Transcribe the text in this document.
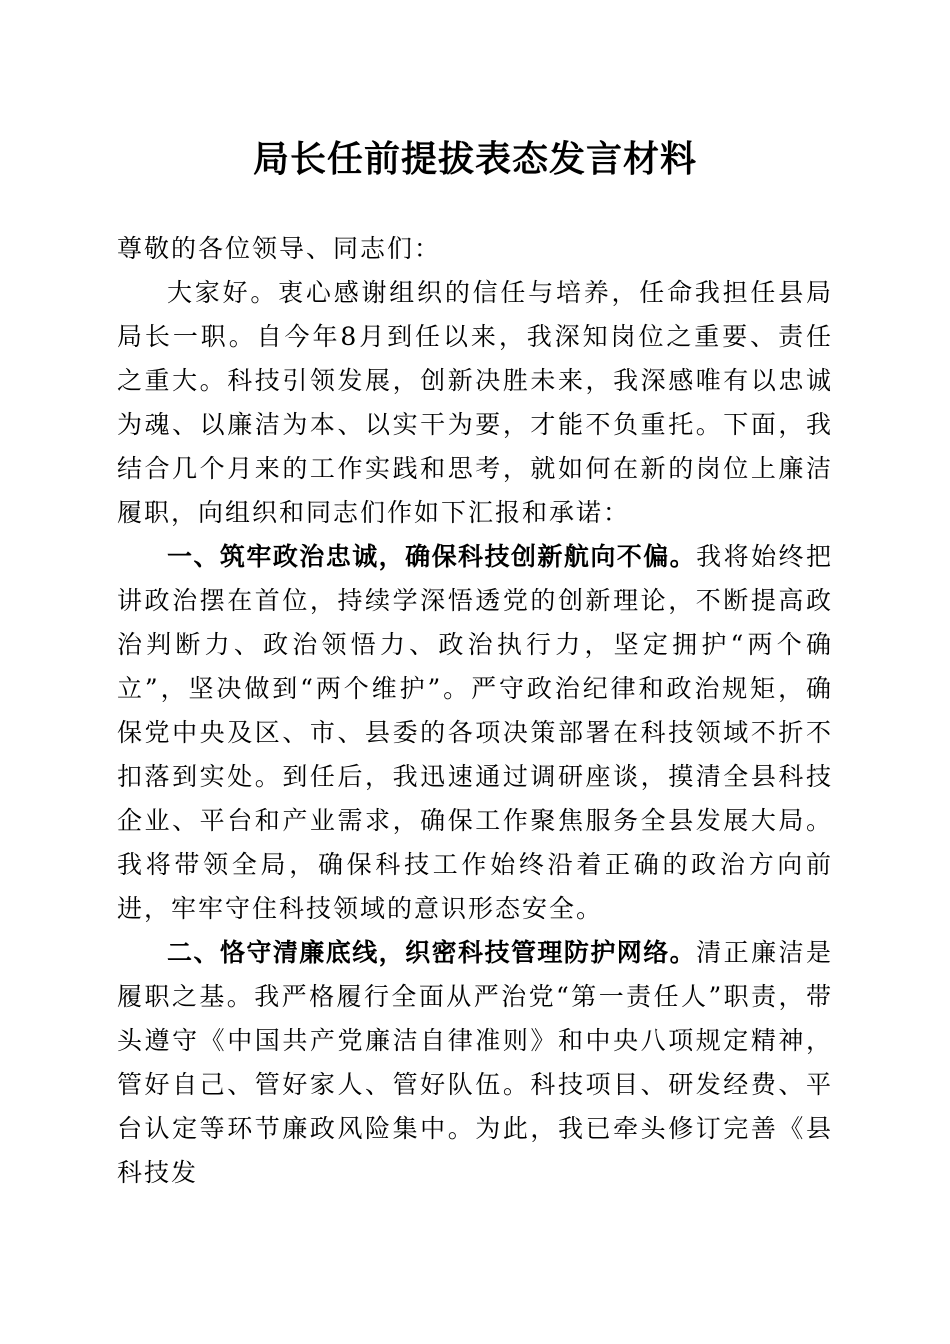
局长任前提拔表态发言材料

尊敬的各位领导、同志们：

大家好。衷心感谢组织的信任与培养，任命我担任县局局长一职。自今年8月到任以来，我深知岗位之重要、责任之重大。科技引领发展，创新决胜未来，我深感唯有以忠诚为魂、以廉洁为本、以实干为要，才能不负重托。下面，我结合几个月来的工作实践和思考，就如何在新的岗位上廉洁履职，向组织和同志们作如下汇报和承诺：

一、筑牢政治忠诚，确保科技创新航向不偏。我将始终把讲政治摆在首位，持续学深悟透党的创新理论，不断提高政治判断力、政治领悟力、政治执行力，坚定拥护“两个确立”，坚决做到“两个维护”。严守政治纪律和政治规矩，确保党中央及区、市、县委的各项决策部署在科技领域不折不扣落到实处。到任后，我迅速通过调研座谈，摸清全县科技企业、平台和产业需求，确保工作聚焦服务全县发展大局。我将带领全局，确保科技工作始终沿着正确的政治方向前进，牢牢守住科技领域的意识形态安全。

二、恪守清廉底线，织密科技管理防护网络。清正廉洁是履职之基。我严格履行全面从严治党“第一责任人”职责，带头遵守《中国共产党廉洁自律准则》和中央八项规定精神，管好自己、管好家人、管好队伍。科技项目、研发经费、平台认定等环节廉政风险集中。为此，我已牵头修订完善《县科技发
